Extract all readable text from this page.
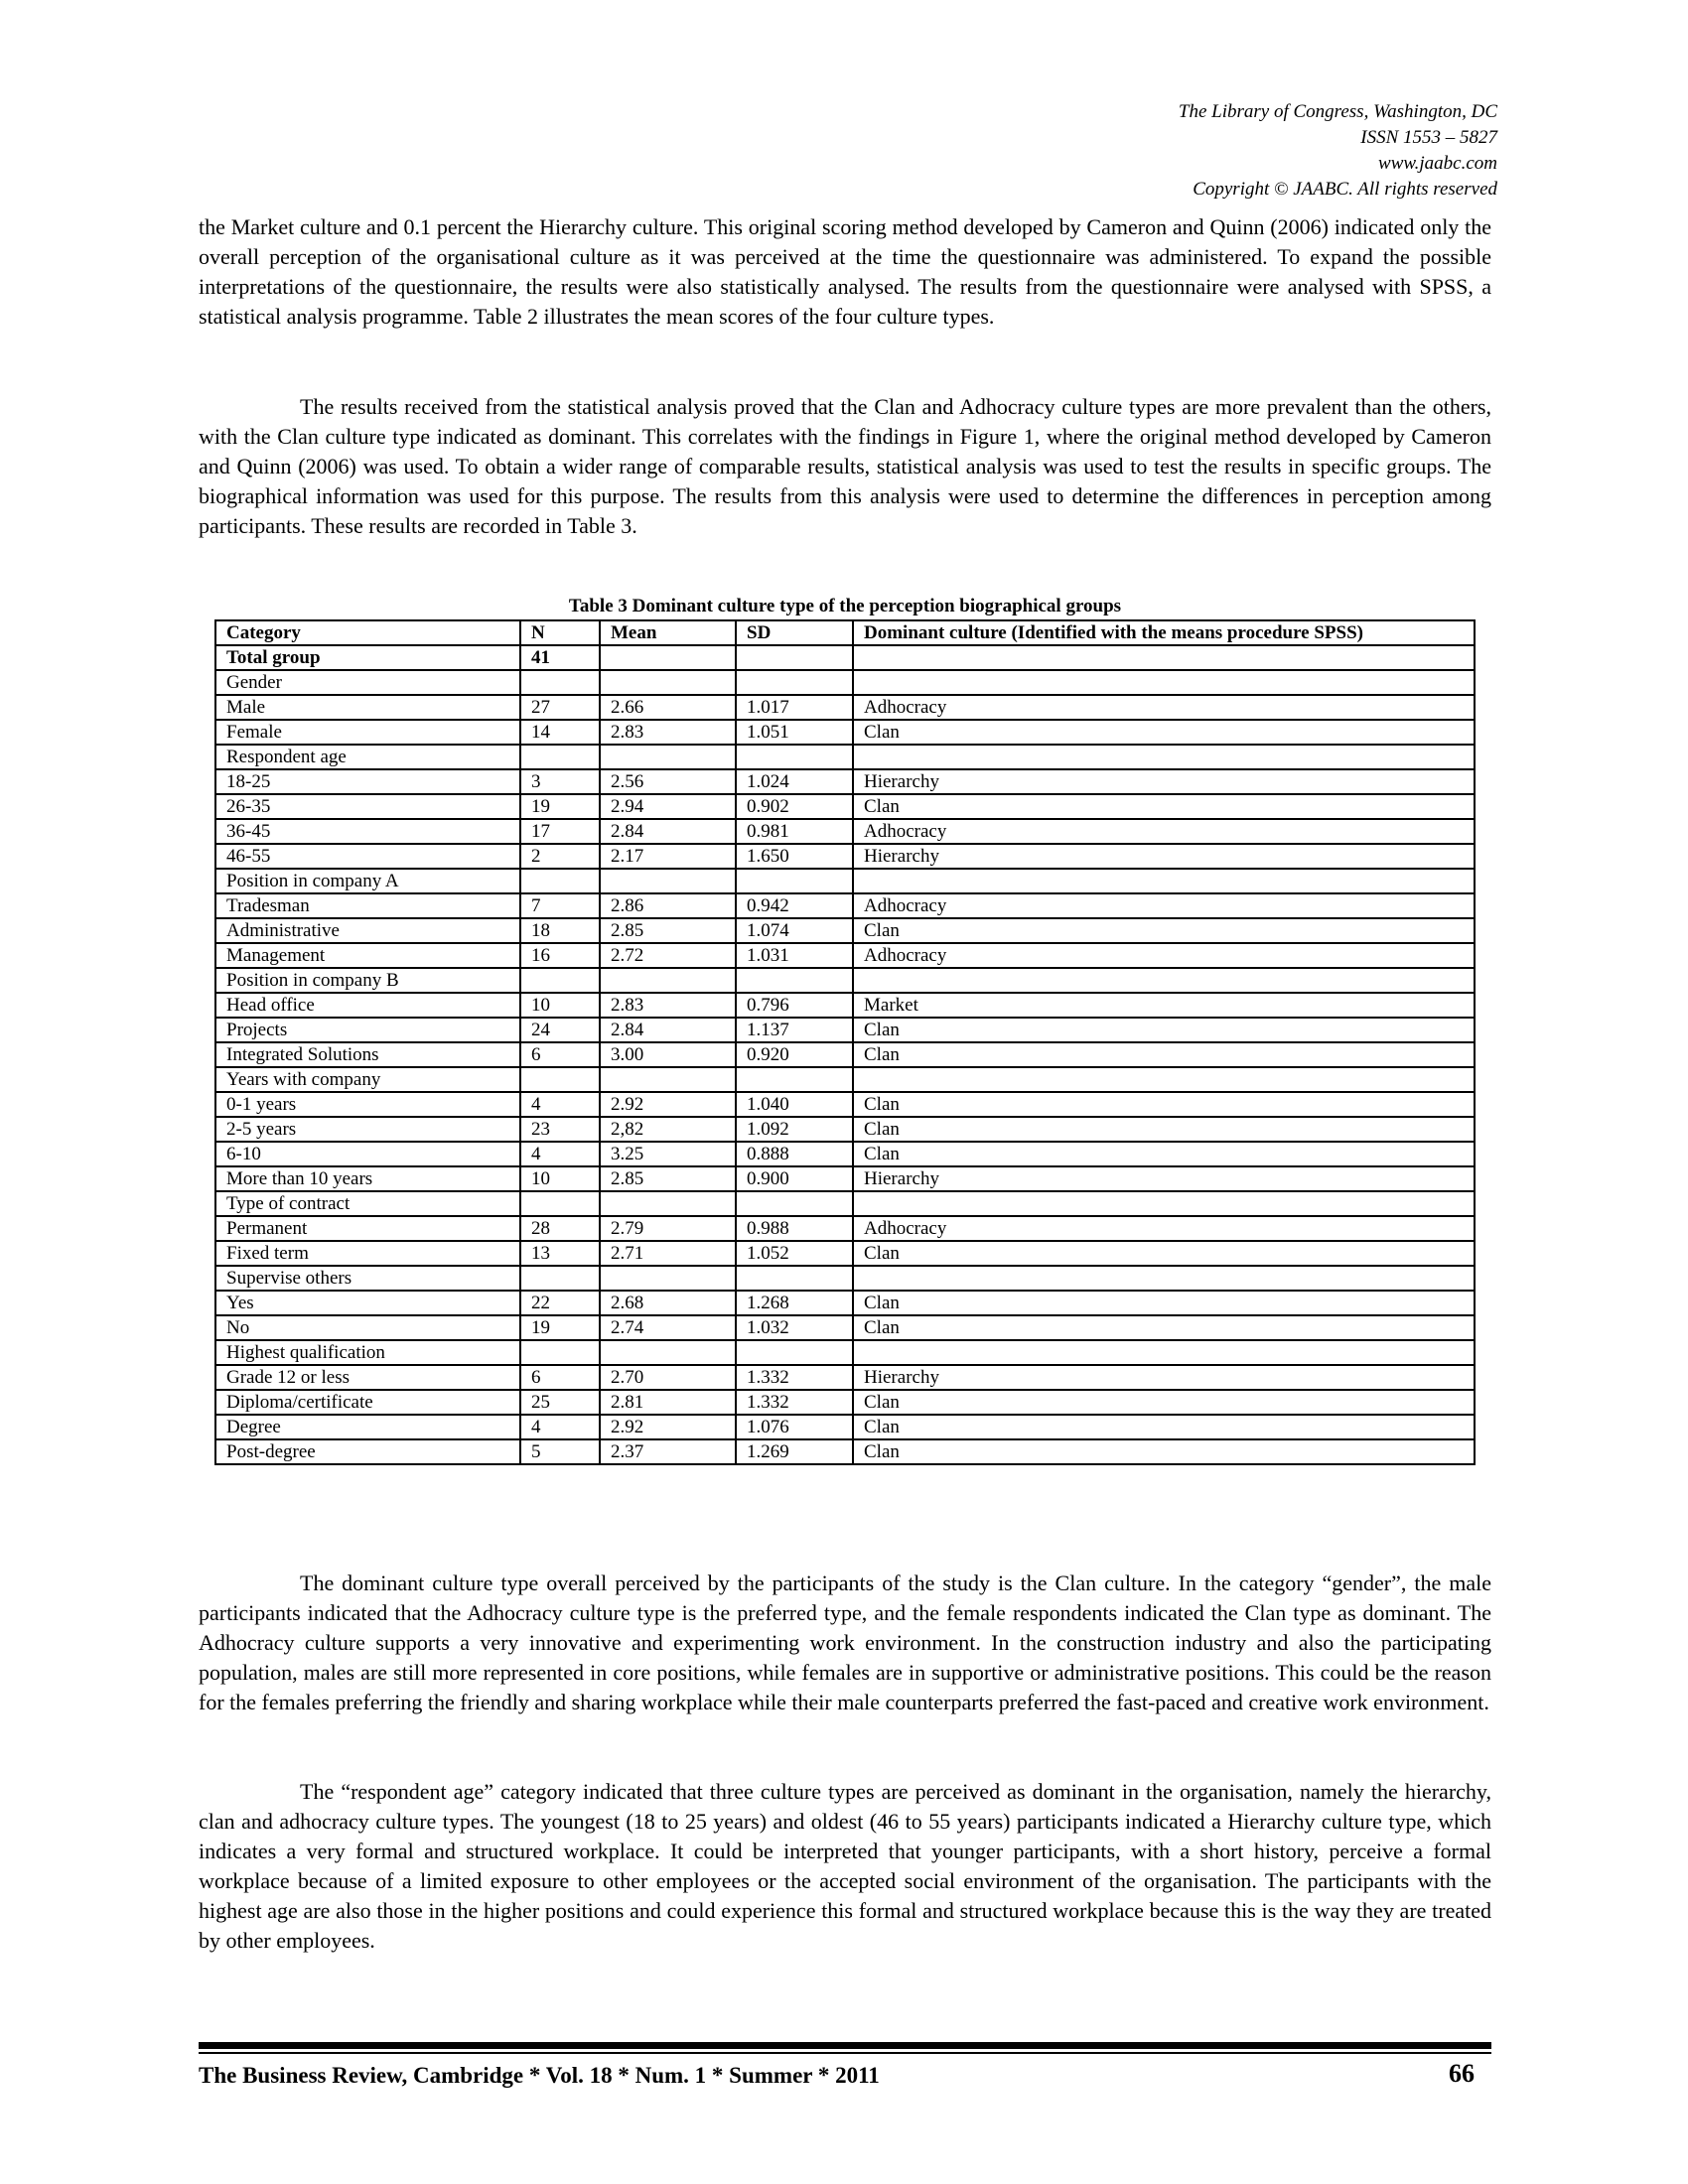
The Library of Congress, Washington, DC
ISSN 1553 – 5827
www.jaabc.com
Copyright © JAABC. All rights reserved

the Market culture and 0.1 percent the Hierarchy culture. This original scoring method developed by Cameron and Quinn (2006) indicated only the overall perception of the organisational culture as it was perceived at the time the questionnaire was administered. To expand the possible interpretations of the questionnaire, the results were also statistically analysed. The results from the questionnaire were analysed with SPSS, a statistical analysis programme. Table 2 illustrates the mean scores of the four culture types.

The results received from the statistical analysis proved that the Clan and Adhocracy culture types are more prevalent than the others, with the Clan culture type indicated as dominant. This correlates with the findings in Figure 1, where the original method developed by Cameron and Quinn (2006) was used. To obtain a wider range of comparable results, statistical analysis was used to test the results in specific groups. The biographical information was used for this purpose. The results from this analysis were used to determine the differences in perception among participants. These results are recorded in Table 3.

Table 3 Dominant culture type of the perception biographical groups
Category	N	Mean	SD	Dominant culture (Identified with the means procedure SPSS)
Total group	41			
Gender				
Male	27	2.66	1.017	Adhocracy
Female	14	2.83	1.051	Clan
Respondent age				
18-25	3	2.56	1.024	Hierarchy
26-35	19	2.94	0.902	Clan
36-45	17	2.84	0.981	Adhocracy
46-55	2	2.17	1.650	Hierarchy
Position in company A				
Tradesman	7	2.86	0.942	Adhocracy
Administrative	18	2.85	1.074	Clan
Management	16	2.72	1.031	Adhocracy
Position in company B				
Head office	10	2.83	0.796	Market
Projects	24	2.84	1.137	Clan
Integrated Solutions	6	3.00	0.920	Clan
Years with company				
0-1 years	4	2.92	1.040	Clan
2-5 years	23	2,82	1.092	Clan
6-10	4	3.25	0.888	Clan
More than 10 years	10	2.85	0.900	Hierarchy
Type of contract				
Permanent	28	2.79	0.988	Adhocracy
Fixed term	13	2.71	1.052	Clan
Supervise others				
Yes	22	2.68	1.268	Clan
No	19	2.74	1.032	Clan
Highest qualification				
Grade 12 or less	6	2.70	1.332	Hierarchy
Diploma/certificate	25	2.81	1.332	Clan
Degree	4	2.92	1.076	Clan
Post-degree	5	2.37	1.269	Clan
The dominant culture type overall perceived by the participants of the study is the Clan culture. In the category “gender”, the male participants indicated that the Adhocracy culture type is the preferred type, and the female respondents indicated the Clan type as dominant. The Adhocracy culture supports a very innovative and experimenting work environment. In the construction industry and also the participating population, males are still more represented in core positions, while females are in supportive or administrative positions. This could be the reason for the females preferring the friendly and sharing workplace while their male counterparts preferred the fast-paced and creative work environment.
The “respondent age” category indicated that three culture types are perceived as dominant in the organisation, namely the hierarchy, clan and adhocracy culture types. The youngest (18 to 25 years) and oldest (46 to 55 years) participants indicated a Hierarchy culture type, which indicates a very formal and structured workplace. It could be interpreted that younger participants, with a short history, perceive a formal workplace because of a limited exposure to other employees or the accepted social environment of the organisation. The participants with the highest age are also those in the higher positions and could experience this formal and structured workplace because this is the way they are treated by other employees.
The Business Review, Cambridge * Vol. 18 * Num. 1 * Summer * 2011	66
